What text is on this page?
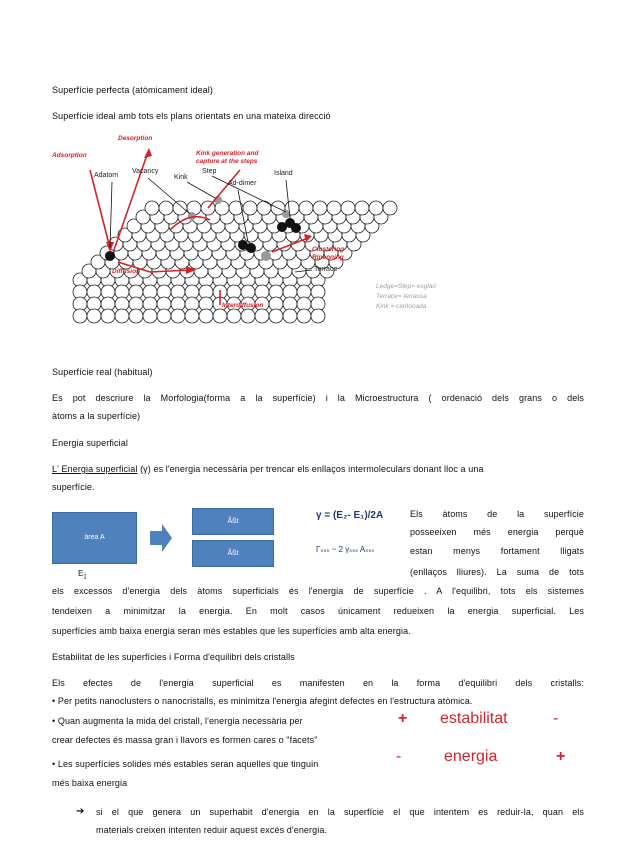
Superfície perfecta (atòmicament ideal)
Superfície ideal amb tots els plans orientats en una mateixa direcció
Adsorption
Desorption
Kink generation and
capture at the steps
Adatom
Vacancy
Kink
Step
Ad-dimer
Island
Clustering
Ripenning
Terrace
Diffusion
Interdiffusion
Ledge=Step= esglaó
Terrace= terrassa
Kink = cantonada
Superfície real (habitual)
Es pot descriure la Morfologia(forma a la superfície) i la Microestructura ( ordenació dels grans o dels
àtoms a la superfície)
Energia superficial
L' Energia superficial (γ) es l'energia necessària per trencar els enllaços intermoleculars donant lloc a una
superfície.
àrea A
Ãßt
Ãßt
$E_1$
γ = (E₂- E₁)/2A
Γₛₛₛ ~ 2 γₛₛₛ Aₛₛₛ
Els àtoms de la superfície
posseeixen més energia perquè
estan menys fortament lligats
(enllaços lliures). La suma de tots
els excessos d'energia dels àtoms superficials és l'energia de superfície . A l'equilibri, tots els sistemes
tendeixen a minimitzar la energia. En molt casos únicament redueixen la energia superficial. Les
superfícies amb baixa energia seran més estables que les superfícies amb alta energia.
Estabilitat de les superfícies i Forma d'equilibri dels cristalls
Els efectes de l'energia superficial es manifesten en la forma d'equilibri dels cristalls:
• Per petits nanoclusters o nanocristalls, es minimitza l'energia afegint defectes en l'estructura atòmica.
• Quan augmenta la mida del cristall, l'energia necessària per
crear defectes és massa gran i llavors es formen cares o "facets"
• Les superfícies solides més estables seran aquelles que tinguin
més baixa energia
+ estabilitat	-
-	energia	+
➔ si el que genera un superhabit d'energia en la superfície el que intentem es reduir-la, quan els
materials creixen intenten reduir aquest excés d'energia.
